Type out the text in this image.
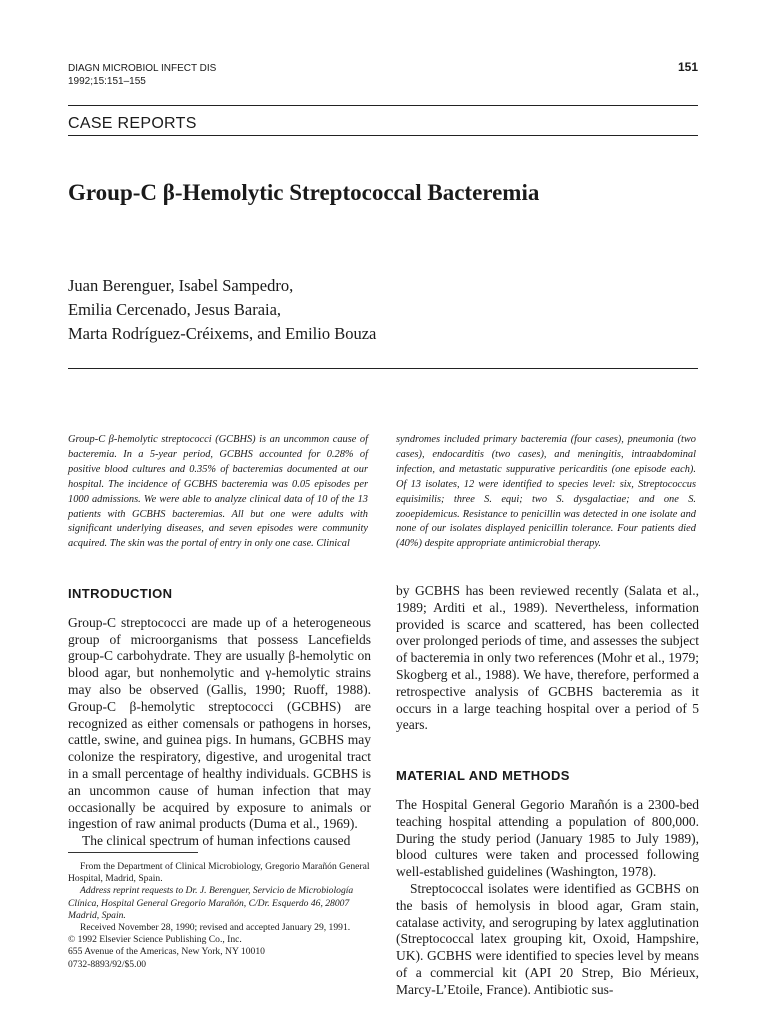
DIAGN MICROBIOL INFECT DIS
1992;15:151–155
151
CASE REPORTS
Group-C β-Hemolytic Streptococcal Bacteremia
Juan Berenguer, Isabel Sampedro,
Emilia Cercenado, Jesus Baraia,
Marta Rodríguez-Créixems, and Emilio Bouza
Group-C β-hemolytic streptococci (GCBHS) is an uncommon cause of bacteremia. In a 5-year period, GCBHS accounted for 0.28% of positive blood cultures and 0.35% of bacteremias documented at our hospital. The incidence of GCBHS bacteremia was 0.05 episodes per 1000 admissions. We were able to analyze clinical data of 10 of the 13 patients with GCBHS bacteremias. All but one were adults with significant underlying diseases, and seven episodes were community acquired. The skin was the portal of entry in only one case. Clinical
syndromes included primary bacteremia (four cases), pneumonia (two cases), endocarditis (two cases), and meningitis, intraabdominal infection, and metastatic suppurative pericarditis (one episode each). Of 13 isolates, 12 were identified to species level: six, Streptococcus equisimilis; three S. equi; two S. dysgalactiae; and one S. zooepidemicus. Resistance to penicillin was detected in one isolate and none of our isolates displayed penicillin tolerance. Four patients died (40%) despite appropriate antimicrobial therapy.
INTRODUCTION

Group-C streptococci are made up of a heterogeneous group of microorganisms that possess Lancefields group-C carbohydrate. They are usually β-hemolytic on blood agar, but nonhemolytic and γ-hemolytic strains may also be observed (Gallis, 1990; Ruoff, 1988). Group-C β-hemolytic streptococci (GCBHS) are recognized as either comensals or pathogens in horses, cattle, swine, and guinea pigs. In humans, GCBHS may colonize the respiratory, digestive, and urogenital tract in a small percentage of healthy individuals. GCBHS is an uncommon cause of human infection that may occasionally be acquired by exposure to animals or ingestion of raw animal products (Duma et al., 1969).

The clinical spectrum of human infections caused

by GCBHS has been reviewed recently (Salata et al., 1989; Arditi et al., 1989). Nevertheless, information provided is scarce and scattered, has been collected over prolonged periods of time, and assesses the subject of bacteremia in only two references (Mohr et al., 1979; Skogberg et al., 1988). We have, therefore, performed a retrospective analysis of GCBHS bacteremia as it occurs in a large teaching hospital over a period of 5 years.

MATERIAL AND METHODS

The Hospital General Gegorio Marañón is a 2300-bed teaching hospital attending a population of 800,000. During the study period (January 1985 to July 1989), blood cultures were taken and processed following well-established guidelines (Washington, 1978).

Streptococcal isolates were identified as GCBHS on the basis of hemolysis in blood agar, Gram stain, catalase activity, and serogruping by latex agglutination (Streptococcal latex grouping kit, Oxoid, Hampshire, UK). GCBHS were identified to species level by means of a commercial kit (API 20 Strep, Bio Mérieux, Marcy-L’Etoile, France). Antibiotic sus-

From the Department of Clinical Microbiology, Gregorio Marañón General Hospital, Madrid, Spain.
Address reprint requests to Dr. J. Berenguer, Servicio de Microbiología Clínica, Hospital General Gregorio Marañón, C/Dr. Esquerdo 46, 28007 Madrid, Spain.
Received November 28, 1990; revised and accepted January 29, 1991.
© 1992 Elsevier Science Publishing Co., Inc.
655 Avenue of the Americas, New York, NY 10010
0732-8893/92/$5.00
